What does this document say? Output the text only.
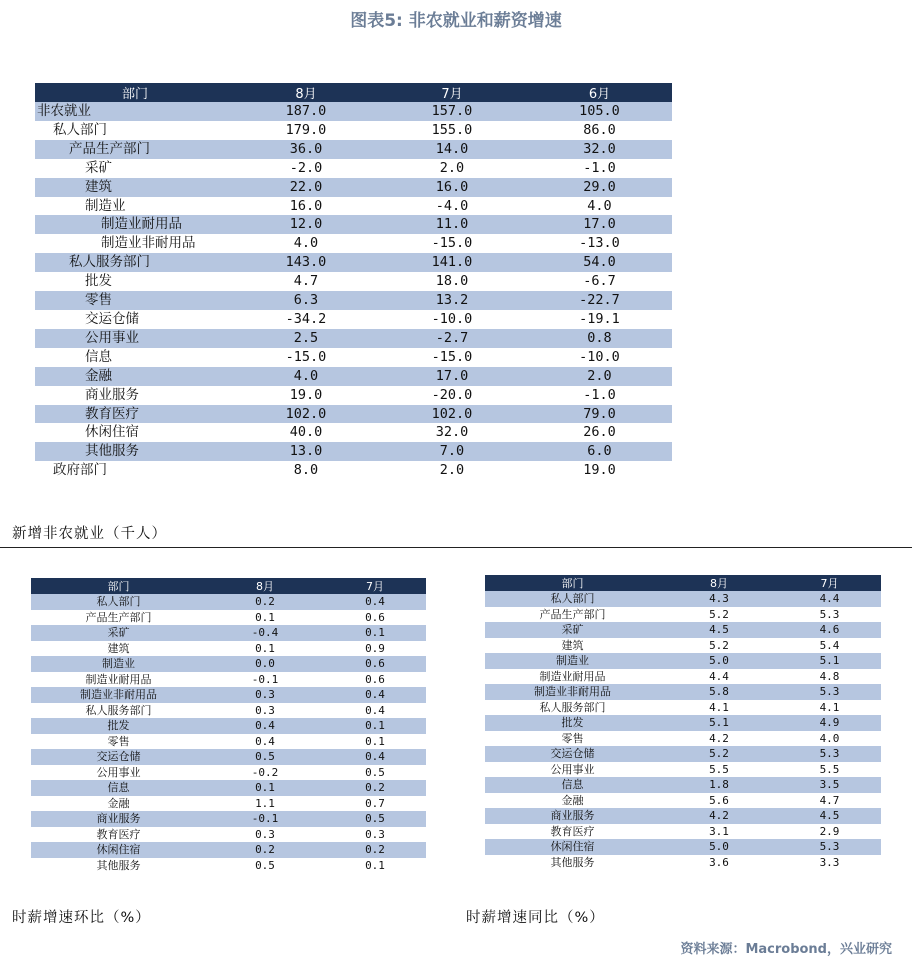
图表5: 非农就业和薪资增速
部门	8月	7月	6月
非农就业	187.0	157.0	105.0
私人部门	179.0	155.0	86.0
产品生产部门	36.0	14.0	32.0
采矿	-2.0	2.0	-1.0
建筑	22.0	16.0	29.0
制造业	16.0	-4.0	4.0
制造业耐用品	12.0	11.0	17.0
制造业非耐用品	4.0	-15.0	-13.0
私人服务部门	143.0	141.0	54.0
批发	4.7	18.0	-6.7
零售	6.3	13.2	-22.7
交运仓储	-34.2	-10.0	-19.1
公用事业	2.5	-2.7	0.8
信息	-15.0	-15.0	-10.0
金融	4.0	17.0	2.0
商业服务	19.0	-20.0	-1.0
教育医疗	102.0	102.0	79.0
休闲住宿	40.0	32.0	26.0
其他服务	13.0	7.0	6.0
政府部门	8.0	2.0	19.0
新增非农就业（千人）
部门	8月	7月
私人部门	0.2	0.4
产品生产部门	0.1	0.6
采矿	-0.4	0.1
建筑	0.1	0.9
制造业	0.0	0.6
制造业耐用品	-0.1	0.6
制造业非耐用品	0.3	0.4
私人服务部门	0.3	0.4
批发	0.4	0.1
零售	0.4	0.1
交运仓储	0.5	0.4
公用事业	-0.2	0.5
信息	0.1	0.2
金融	1.1	0.7
商业服务	-0.1	0.5
教育医疗	0.3	0.3
休闲住宿	0.2	0.2
其他服务	0.5	0.1
部门	8月	7月
私人部门	4.3	4.4
产品生产部门	5.2	5.3
采矿	4.5	4.6
建筑	5.2	5.4
制造业	5.0	5.1
制造业耐用品	4.4	4.8
制造业非耐用品	5.8	5.3
私人服务部门	4.1	4.1
批发	5.1	4.9
零售	4.2	4.0
交运仓储	5.2	5.3
公用事业	5.5	5.5
信息	1.8	3.5
金融	5.6	4.7
商业服务	4.2	4.5
教育医疗	3.1	2.9
休闲住宿	5.0	5.3
其他服务	3.6	3.3
时薪增速环比（%）	时薪增速同比（%）
资料来源：Macrobond，兴业研究
